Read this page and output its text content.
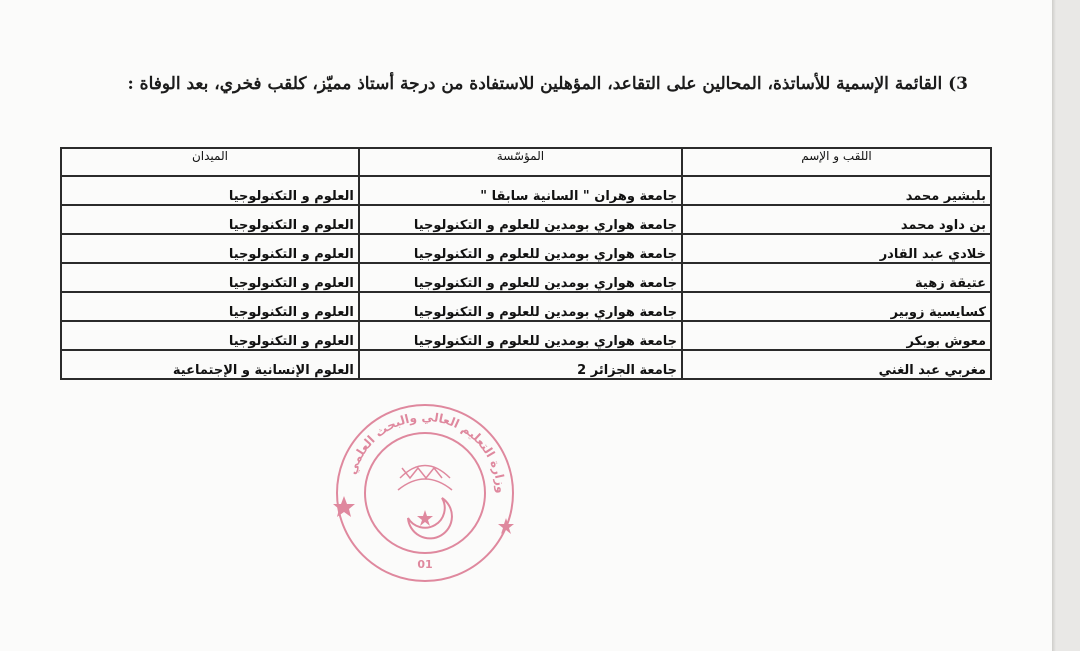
3) القائمة الإسمية للأساتذة، المحالين على التقاعد، المؤهلين للاستفادة من درجة أستاذ مميّز، كلقب فخري، بعد الوفاة :
اللقب و الإسم	المؤسّسة	الميدان
بلبشير محمد	جامعة وهران " السانية سابقا "	العلوم و التكنولوجيا
بن داود محمد	جامعة هواري بومدين للعلوم و التكنولوجيا	العلوم و التكنولوجيا
خلادي عبد القادر	جامعة هواري بومدين للعلوم و التكنولوجيا	العلوم و التكنولوجيا
عتيقة زهية	جامعة هواري بومدين للعلوم و التكنولوجيا	العلوم و التكنولوجيا
كسايسية زوبير	جامعة هواري بومدين للعلوم و التكنولوجيا	العلوم و التكنولوجيا
معوش بوبكر	جامعة هواري بومدين للعلوم و التكنولوجيا	العلوم و التكنولوجيا
مغربي عبد الغني	جامعة الجزائر 2	العلوم الإنسانية و الإجتماعية
وزارة التعليم العالي والبحث العلمي
01
